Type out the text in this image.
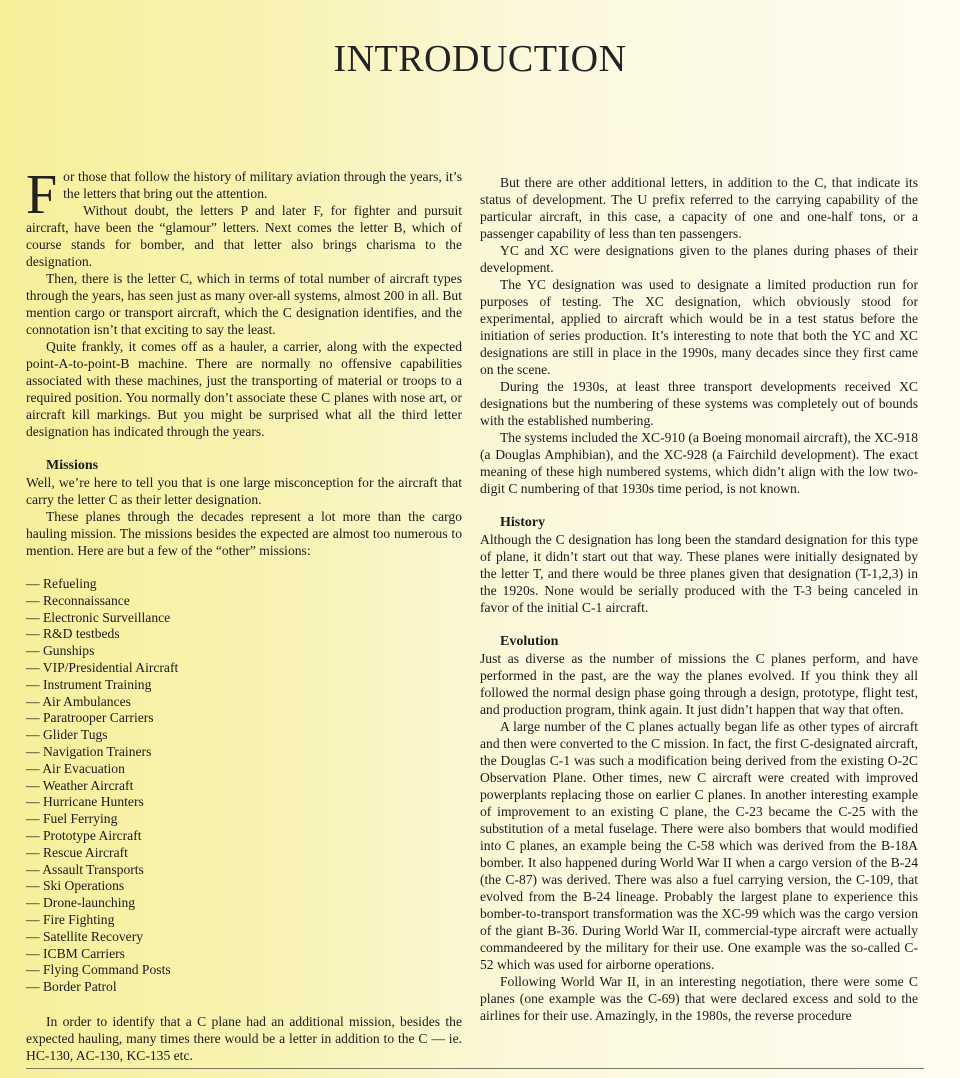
INTRODUCTION

For those that follow the history of military aviation through the years, it’s the letters that bring out the attention.

Without doubt, the letters P and later F, for fighter and pursuit aircraft, have been the “glamour” letters. Next comes the letter B, which of course stands for bomber, and that letter also brings charisma to the designation.

Then, there is the letter C, which in terms of total number of aircraft types through the years, has seen just as many over-all systems, almost 200 in all. But mention cargo or transport aircraft, which the C designation identifies, and the connotation isn’t that exciting to say the least.

Quite frankly, it comes off as a hauler, a carrier, along with the expected point-A-to-point-B machine. There are normally no offensive capabilities associated with these machines, just the transporting of material or troops to a required position. You normally don’t associate these C planes with nose art, or aircraft kill markings. But you might be surprised what all the third letter designation has indicated through the years.

Missions

Well, we’re here to tell you that is one large misconception for the aircraft that carry the letter C as their letter designation.

These planes through the decades represent a lot more than the cargo hauling mission. The missions besides the expected are almost too numerous to mention. Here are but a few of the “other” missions:

— Refueling
— Reconnaissance
— Electronic Surveillance
— R&D testbeds
— Gunships
— VIP/Presidential Aircraft
— Instrument Training
— Air Ambulances
— Paratrooper Carriers
— Glider Tugs
— Navigation Trainers
— Air Evacuation
— Weather Aircraft
— Hurricane Hunters
— Fuel Ferrying
— Prototype Aircraft
— Rescue Aircraft
— Assault Transports
— Ski Operations
— Drone-launching
— Fire Fighting
— Satellite Recovery
— ICBM Carriers
— Flying Command Posts
— Border Patrol

In order to identify that a C plane had an additional mission, besides the expected hauling, many times there would be a letter in addition to the C — ie. HC-130, AC-130, KC-135 etc.

But there are other additional letters, in addition to the C, that indicate its status of development. The U prefix referred to the carrying capability of the particular aircraft, in this case, a capacity of one and one-half tons, or a passenger capability of less than ten passengers.

YC and XC were designations given to the planes during phases of their development.

The YC designation was used to designate a limited production run for purposes of testing. The XC designation, which obviously stood for experimental, applied to aircraft which would be in a test status before the initiation of series production. It’s interesting to note that both the YC and XC designations are still in place in the 1990s, many decades since they first came on the scene.

During the 1930s, at least three transport developments received XC designations but the numbering of these systems was completely out of bounds with the established numbering.

The systems included the XC-910 (a Boeing monomail aircraft), the XC-918 (a Douglas Amphibian), and the XC-928 (a Fairchild development). The exact meaning of these high numbered systems, which didn’t align with the low two-digit C numbering of that 1930s time period, is not known.

History

Although the C designation has long been the standard designation for this type of plane, it didn’t start out that way. These planes were initially designated by the letter T, and there would be three planes given that designation (T-1,2,3) in the 1920s. None would be serially produced with the T-3 being canceled in favor of the initial C-1 aircraft.

Evolution

Just as diverse as the number of missions the C planes perform, and have performed in the past, are the way the planes evolved. If you think they all followed the normal design phase going through a design, prototype, flight test, and production program, think again. It just didn’t happen that way that often.

A large number of the C planes actually began life as other types of aircraft and then were converted to the C mission. In fact, the first C-designated aircraft, the Douglas C-1 was such a modification being derived from the existing O-2C Observation Plane. Other times, new C aircraft were created with improved powerplants replacing those on earlier C planes. In another interesting example of improvement to an existing C plane, the C-23 became the C-25 with the substitution of a metal fuselage. There were also bombers that would modified into C planes, an example being the C-58 which was derived from the B-18A bomber. It also happened during World War II when a cargo version of the B-24 (the C-87) was derived. There was also a fuel carrying version, the C-109, that evolved from the B-24 lineage. Probably the largest plane to experience this bomber-to-transport transformation was the XC-99 which was the cargo version of the giant B-36. During World War II, commercial-type aircraft were actually commandeered by the military for their use. One example was the so-called C-52 which was used for airborne operations.

Following World War II, in an interesting negotiation, there were some C planes (one example was the C-69) that were declared excess and sold to the airlines for their use. Amazingly, in the 1980s, the reverse procedure
